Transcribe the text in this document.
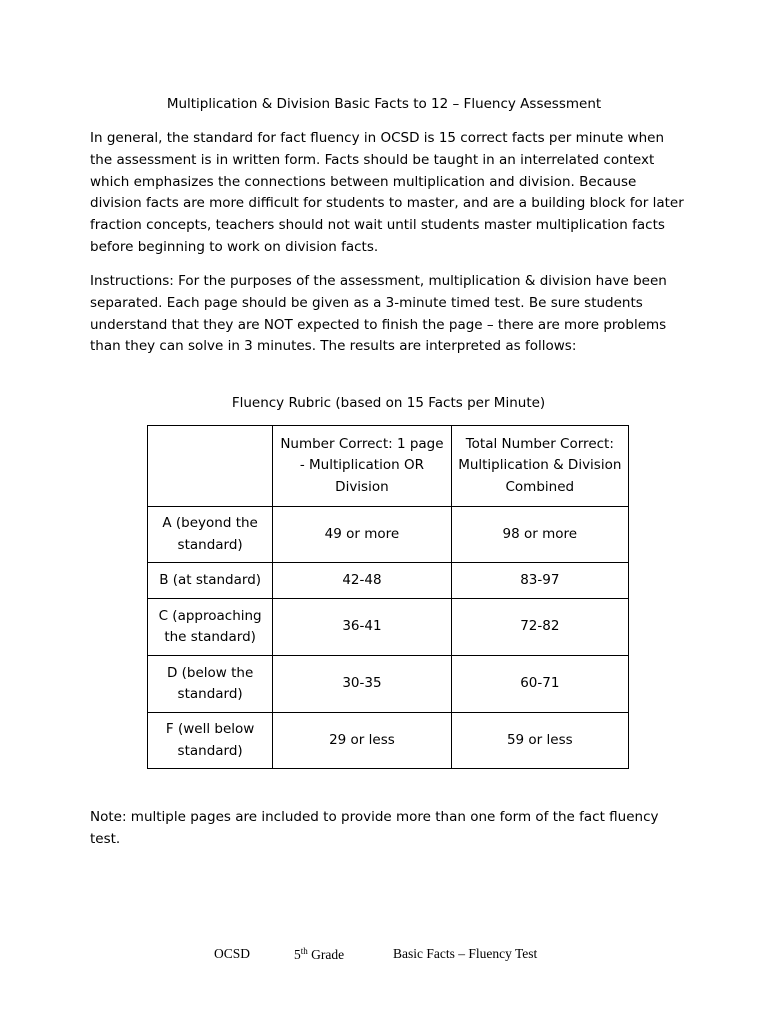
Multiplication & Division Basic Facts to 12 – Fluency Assessment
In general, the standard for fact fluency in OCSD is 15 correct facts per minute when the assessment is in written form. Facts should be taught in an interrelated context which emphasizes the connections between multiplication and division. Because division facts are more difficult for students to master, and are a building block for later fraction concepts, teachers should not wait until students master multiplication facts before beginning to work on division facts.
Instructions: For the purposes of the assessment, multiplication & division have been separated. Each page should be given as a 3-minute timed test. Be sure students understand that they are NOT expected to finish the page – there are more problems than they can solve in 3 minutes. The results are interpreted as follows:
Fluency Rubric (based on 15 Facts per Minute)
	Number Correct: 1 page - Multiplication OR Division	Total Number Correct: Multiplication & Division Combined
A (beyond the standard)	49 or more	98 or more
B (at standard)	42-48	83-97
C (approaching the standard)	36-41	72-82
D (below the standard)	30-35	60-71
F (well below standard)	29 or less	59 or less
Note: multiple pages are included to provide more than one form of the fact fluency test.
OCSD	5th Grade	Basic Facts – Fluency Test
